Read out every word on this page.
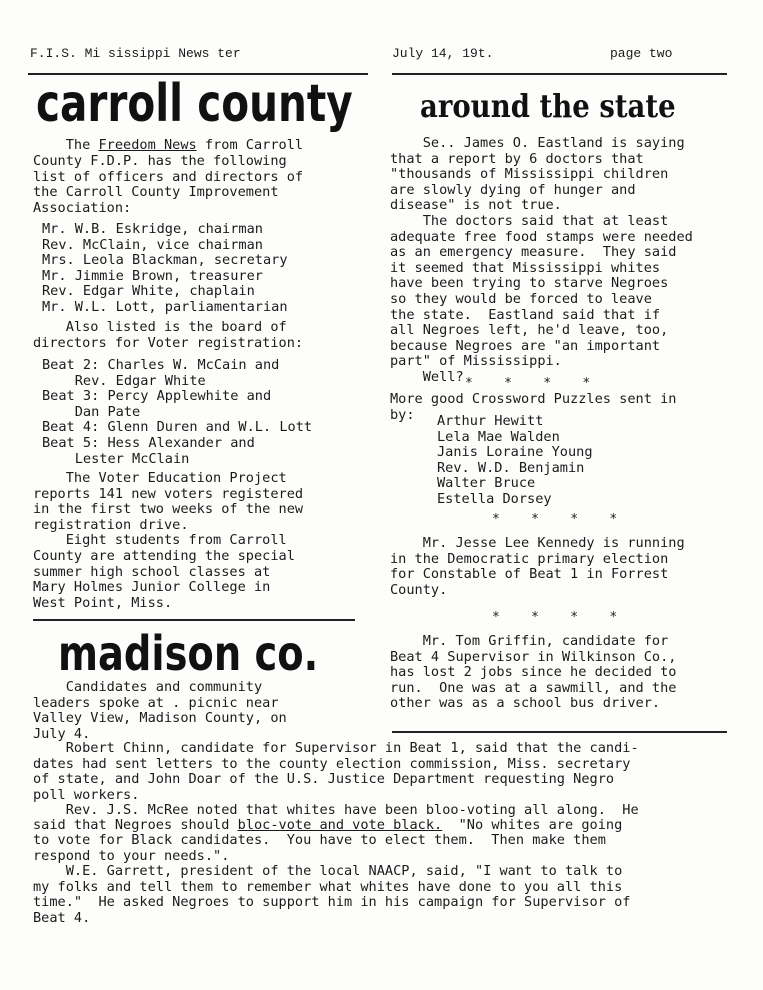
F.I.S. Mi sissippi News ter	July 14, 19t.	page two
carroll county
The Freedom News from Carroll
County F.D.P. has the following
list of officers and directors of
the Carroll County Improvement
Association:
Mr. W.B. Eskridge, chairman
Rev. McClain, vice chairman
Mrs. Leola Blackman, secretary
Mr. Jimmie Brown, treasurer
Rev. Edgar White, chaplain
Mr. W.L. Lott, parliamentarian
Also listed is the board of
directors for Voter registration:
Beat 2: Charles W. McCain and
Rev. Edgar White
Beat 3: Percy Applewhite and
Dan Pate
Beat 4: Glenn Duren and W.L. Lott
Beat 5: Hess Alexander and
Lester McClain
The Voter Education Project
reports 141 new voters registered
in the first two weeks of the new
registration drive.
Eight students from Carroll
County are attending the special
summer high school classes at
Mary Holmes Junior College in
West Point, Miss.
madison co.
Candidates and community
leaders spoke at . picnic near
Valley View, Madison County, on
July 4.
around the state
Se.. James O. Eastland is saying
that a report by 6 doctors that
"thousands of Mississippi children
are slowly dying of hunger and
disease" is not true.
The doctors said that at least
adequate free food stamps were needed
as an emergency measure.  They said
it seemed that Mississippi whites
have been trying to starve Negroes
so they would be forced to leave
the state.  Eastland said that if
all Negroes left, he'd leave, too,
because Negroes are "an important
part" of Mississippi.
Well? *    *    *    *
More good Crossword Puzzles sent in
by:	Arthur Hewitt
Lela Mae Walden
Janis Loraine Young
Rev. W.D. Benjamin
Walter Bruce
Estella Dorsey
*    *    *    *
Mr. Jesse Lee Kennedy is running
in the Democratic primary election
for Constable of Beat 1 in Forrest
County.
*    *    *    *
Mr. Tom Griffin, candidate for
Beat 4 Supervisor in Wilkinson Co.,
has lost 2 jobs since he decided to
run.  One was at a sawmill, and the
other was as a school bus driver.
Robert Chinn, candidate for Supervisor in Beat 1, said that the candi-
dates had sent letters to the county election commission, Miss. secretary
of state, and John Doar of the U.S. Justice Department requesting Negro
poll workers.
Rev. J.S. McRee noted that whites have been bloo-voting all along.  He
said that Negroes should bloc-vote and vote black.  "No whites are going
to vote for Black candidates.  You have to elect them.  Then make them
respond to your needs.".
W.E. Garrett, president of the local NAACP, said, "I want to talk to
my folks and tell them to remember what whites have done to you all this
time."  He asked Negroes to support him in his campaign for Supervisor of
Beat 4.
